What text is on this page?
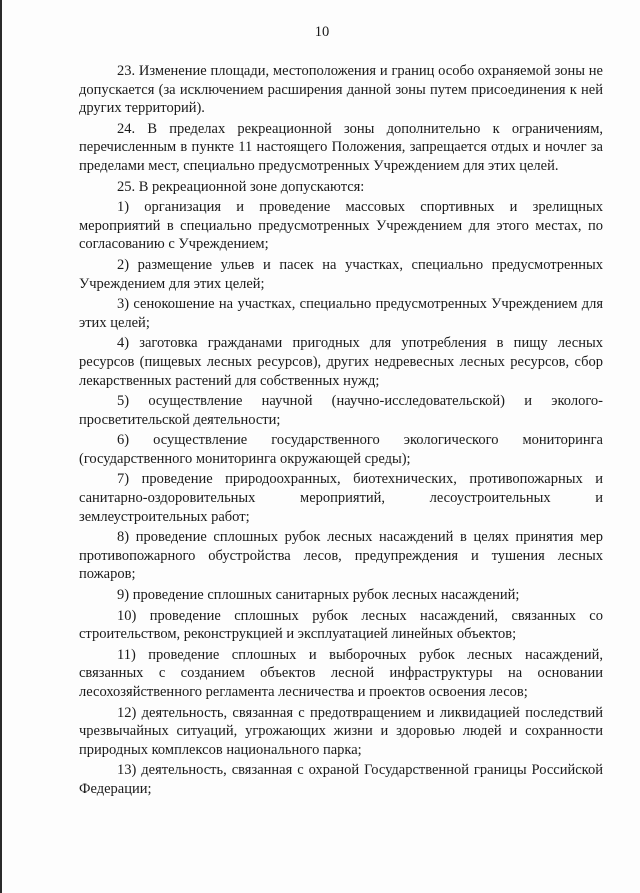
10

23. Изменение площади, местоположения и границ особо охраняемой зоны не допускается (за исключением расширения данной зоны путем присоединения к ней других территорий).

24. В пределах рекреационной зоны дополнительно к ограничениям, перечисленным в пункте 11 настоящего Положения, запрещается отдых и ночлег за пределами мест, специально предусмотренных Учреждением для этих целей.

25. В рекреационной зоне допускаются:

1) организация и проведение массовых спортивных и зрелищных мероприятий в специально предусмотренных Учреждением для этого местах, по согласованию с Учреждением;

2) размещение ульев и пасек на участках, специально предусмотренных Учреждением для этих целей;

3) сенокошение на участках, специально предусмотренных Учреждением для этих целей;

4) заготовка гражданами пригодных для употребления в пищу лесных ресурсов (пищевых лесных ресурсов), других недревесных лесных ресурсов, сбор лекарственных растений для собственных нужд;

5) осуществление научной (научно-исследовательской) и эколого-просветительской деятельности;

6) осуществление государственного экологического мониторинга (государственного мониторинга окружающей среды);

7) проведение природоохранных, биотехнических, противопожарных и санитарно-оздоровительных мероприятий, лесоустроительных и землеустроительных работ;

8) проведение сплошных рубок лесных насаждений в целях принятия мер противопожарного обустройства лесов, предупреждения и тушения лесных пожаров;

9) проведение сплошных санитарных рубок лесных насаждений;

10) проведение сплошных рубок лесных насаждений, связанных со строительством, реконструкцией и эксплуатацией линейных объектов;

11) проведение сплошных и выборочных рубок лесных насаждений, связанных с созданием объектов лесной инфраструктуры на основании лесохозяйственного регламента лесничества и проектов освоения лесов;

12) деятельность, связанная с предотвращением и ликвидацией последствий чрезвычайных ситуаций, угрожающих жизни и здоровью людей и сохранности природных комплексов национального парка;

13) деятельность, связанная с охраной Государственной границы Российской Федерации;
